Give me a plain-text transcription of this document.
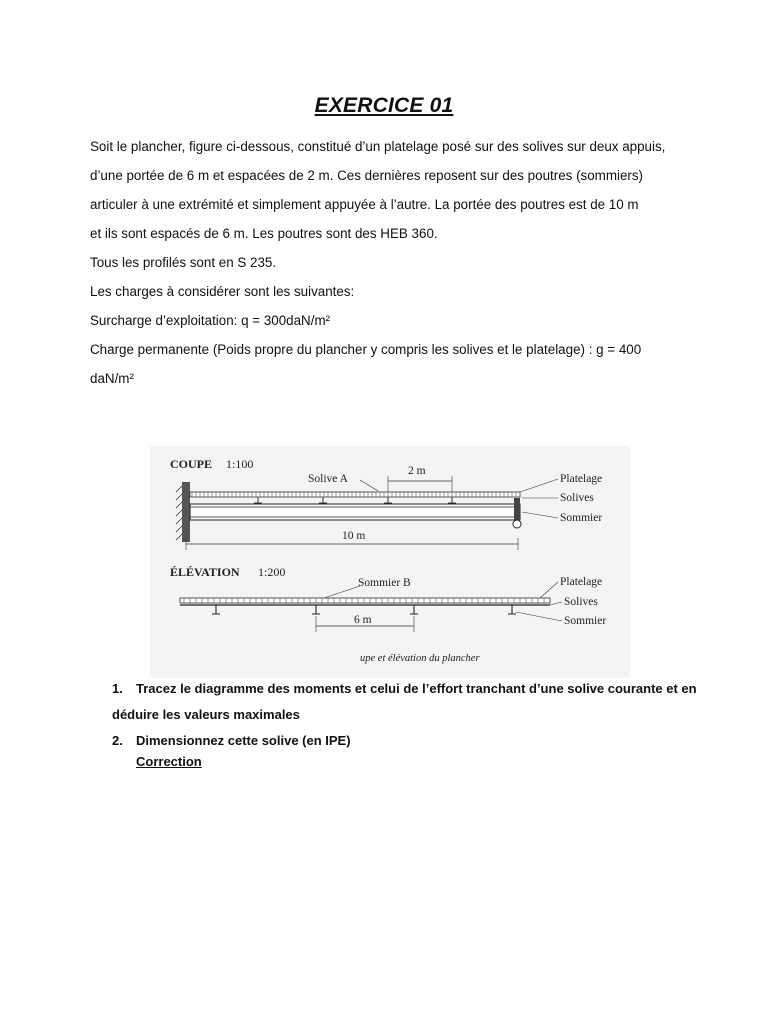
EXERCICE 01

Soit le plancher, figure ci-dessous, constitué d’un platelage posé sur des solives sur deux appuis,

d’une portée de 6 m et espacées de 2 m. Ces dernières reposent sur des poutres (sommiers)

articuler à une extrémité et simplement appuyée à l’autre. La portée des poutres est de 10 m

et ils sont espacés de 6 m. Les poutres sont des HEB 360.

Tous les profilés sont en S 235.

Les charges à considérer sont les suivantes:

Surcharge d’exploitation: q = 300daN/m²

Charge permanente (Poids propre du plancher y compris les solives et le platelage) : g = 400

daN/m²

COUPE 1:100
Solive A
2 m
Platelage
Solives
Sommier
10 m
ÉLÉVATION 1:200
Sommier B	Platelage
Solives
Sommier
6 m
upe et élévation du plancher
1. Tracez le diagramme des moments et celui de l’effort tranchant d’une solive courante et en
déduire les valeurs maximales
2. Dimensionnez cette solive (en IPE)
Correction
